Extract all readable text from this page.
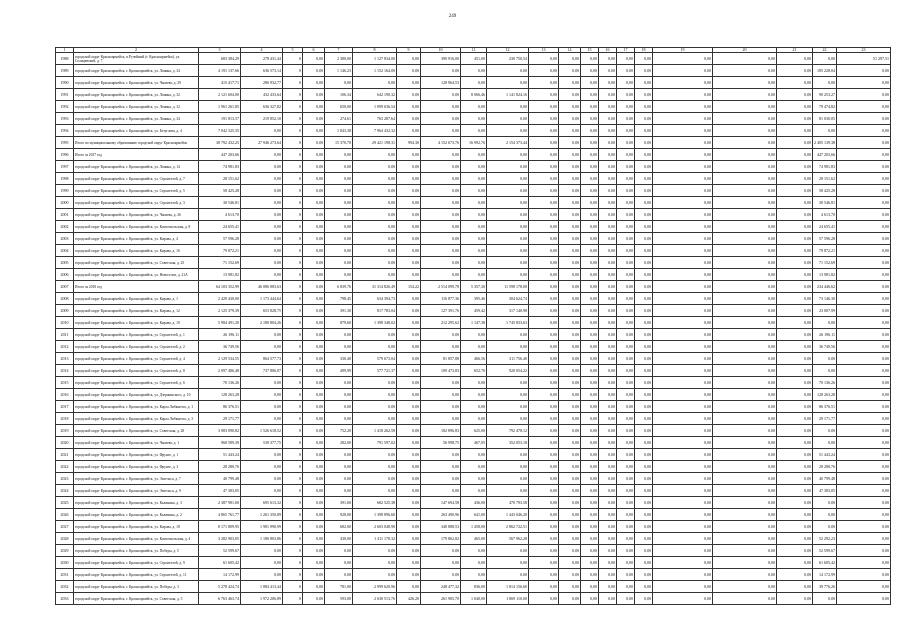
249
1	2	3	4	5	6	7	8	9	10	11	12	13	14	15	16	17	18	19	20	21	22	23	
1988	городской округ Красноармейск, п.Ручейный (г. Красноармейск), ул. Солнцевский, д. 7	683 384,29	278 431,44	0	0,00	2 380,00	1 127 834,00	0,00	390 916,00	451,00	230 750,54	0,00	0,00	0,00	0,00	0,00	0,00	0,00	0,00	0,00	0,00	51 297,51	
1989	городской округ Красноармейск, г. Красноармейск, ул. Ленина, д. 34	4 191 137,66	636 573,14	0	0,00	1 146,23	1 152 164,00	0,00	0,00	0,00	0,00	0,00	0,00	0,00	0,00	0,00	0,00	0,00	0,00	0,00	185 228,04	0,00	
1990	городской округ Красноармейск, г. Красноармейск, ул. Чапаева, д. 29	415 417,71	286 932,77	0	0,00	0,00	0,00	0,00	128 964,53	0,00	0,00	0,00	0,00	0,00	0,00	0,00	0,00	0,00	0,00	0,00	0,00	0,00	
1991	городской округ Красноармейск, г. Красноармейск, ул. Ленина, д. 32	2 121 604,00	432 433,64	0	0,00	106,34	642 190,32	0,00	0,00	8 066,46	1 141 824,16	0,00	0,00	0,00	0,00	0,00	0,00	0,00	0,00	0,00	90 253,27	0,00	
1992	городской округ Красноармейск, г. Красноармейск, ул. Ленина, д. 32	1 961 261,85	636 327,82	0	0,00	650,00	1 099 636,54	0,00	0,00	0,00	0,00	0,00	0,00	0,00	0,00	0,00	0,00	0,00	0,00	0,00	79 474,82	0,00	
1993	городской округ Красноармейск, г. Красноармейск, ул. Ленина, д. 34	191 813,57	219 852,10	0	0,00	274,61	763 287,64	0,00	0,00	0,00	0,00	0,00	0,00	0,00	0,00	0,00	0,00	0,00	0,00	0,00	81 030,05	0,00	
1994	городской округ Красноармейск, г. Красноармейск, ул. Безуглова, д. 4	7 042 325,35	0,00	0	0,00	1 843,38	7 964 432,32	0,00	0,00	0,00	0,00	0,00	0,00	0,00	0,00	0,00	0,00	0,00	0,00	0,00	0,00	0,00	
1995	Итого по муниципальному образованию городской округ Красноармейск	38 792 432,25	27 946 273,64	0	0,00	15 370,70	29 421 198,31	994,30	4 152 673,76	16 992,76	2 154 373,44	0,00	0,00	0,00	0,00	0,00	0,00	0,00	0,00	0,00	2 405 139,38	0,00	
1996	Итого за 2017 год	447 203,66	0,00	0	0,00	0,00	0,00	0,00	0,00	0,00	0,00	0,00	0,00	0,00	0,00	0,00	0,00	0,00	0,00	0,00	447 203,66	0,00	
1997	городской округ Красноармейск, г. Красноармейск, ул. Ленина, д. 14	74 981,83	0,00	0	0,00	0,00	0,00	0,00	0,00	0,00	0,00	0,00	0,00	0,00	0,00	0,00	0,00	0,00	0,00	0,00	74 981,83	0,00	
1998	городской округ Красноармейск, г. Красноармейск, ул. Строителей, д. 7	28 151,62	0,00	0	0,00	0,00	0,00	0,00	0,00	0,00	0,00	0,00	0,00	0,00	0,00	0,00	0,00	0,00	0,00	0,00	28 151,62	0,00	
1999	городской округ Красноармейск, г. Красноармейск, ул. Строителей, д. 5	58 425,28	0,00	0	0,00	0,00	0,00	0,00	0,00	0,00	0,00	0,00	0,00	0,00	0,00	0,00	0,00	0,00	0,00	0,00	58 425,28	0,00	
2000	городской округ Красноармейск, г. Красноармейск, ул. Строителей, д. 3	30 546,81	0,00	0	0,00	0,00	0,00	0,00	0,00	0,00	0,00	0,00	0,00	0,00	0,00	0,00	0,00	0,00	0,00	0,00	30 546,81	0,00	
2001	городской округ Красноармейск, г. Красноармейск, ул. Чапаева, д. 26	4 613,70	0,00	0	0,00	0,00	0,00	0,00	0,00	0,00	0,00	0,00	0,00	0,00	0,00	0,00	0,00	0,00	0,00	0,00	4 613,70	0,00	
2002	городской округ Красноармейск, г. Красноармейск, ул. Комсомольская, д. 8	24 655,41	0,00	0	0,00	0,00	0,00	0,00	0,00	0,00	0,00	0,00	0,00	0,00	0,00	0,00	0,00	0,00	0,00	0,00	24 655,41	0,00	
2003	городской округ Красноармейск, г. Красноармейск, ул. Кирова, д. 4	57 596,28	0,00	0	0,00	0,00	0,00	0,00	0,00	0,00	0,00	0,00	0,00	0,00	0,00	0,00	0,00	0,00	0,00	0,00	57 596,28	0,00	
2004	городской округ Красноармейск, г. Красноармейск, ул. Кирова, д. 16	79 872,21	0,00	0	0,00	0,00	0,00	0,00	0,00	0,00	0,00	0,00	0,00	0,00	0,00	0,00	0,00	0,00	0,00	0,00	79 872,21	0,00	
2005	городской округ Красноармейск, г. Красноармейск, ул. Советская, д. 25	71 152,69	0,00	0	0,00	0,00	0,00	0,00	0,00	0,00	0,00	0,00	0,00	0,00	0,00	0,00	0,00	0,00	0,00	0,00	71 152,69	0,00	
2006	городской округ Красноармейск, г. Красноармейск, ул. Новоселов, д. 21А	13 981,82	0,00	0	0,00	0,00	0,00	0,00	0,00	0,00	0,00	0,00	0,00	0,00	0,00	0,00	0,00	0,00	0,00	0,00	13 981,82	0,00	
2007	Итого за 2018 год	64 103 352,99	46 086 883,63	0	0,00	6 839,76	31 314 826,49	154,22	2 514 099,78	5 357,30	11 598 178,00	0,00	0,00	0,00	0,00	0,00	0,00	0,00	0,00	0,00	234 446,62	0,00	
2008	городской округ Красноармейск, г. Красноармейск, ул. Кирова, д. 1	2 429 430,00	1 173 444,64	0	0,00	798,45	634 394,73	0,00	116 877,36	395,46	304 624,74	0,00	0,00	0,00	0,00	0,00	0,00	0,00	0,00	0,00	73 146,30	0,00	
2009	городской округ Красноармейск, г. Красноармейск, ул. Кирова, д. 12	2 125 379,39	653 828,75	0	0,00	391,30	817 783,04	0,00	127 391,76	459,42	317 140,98	0,00	0,00	0,00	0,00	0,00	0,00	0,00	0,00	0,00	23 007,99	0,00	
2010	городской округ Красноармейск, г. Красноармейск, ул. Кирова, д. 10	5 984 491,20	2 180 804,26	0	0,00	879,60	1 398 348,02	0,00	212 295,62	1 147,38	1 745 833,63	0,00	0,00	0,00	0,00	0,00	0,00	0,00	0,00	0,00	0,00	0,00	
2011	городской округ Красноармейск, г. Красноармейск, ул. Строителей, д. 1	26 196,11	0,00	0	0,00	0,00	0,00	0,00	0,00	0,00	0,00	0,00	0,00	0,00	0,00	0,00	0,00	0,00	0,00	0,00	26 196,11	0,00	
2012	городской округ Красноармейск, г. Красноармейск, ул. Строителей, д. 2	36 749,56	0,00	0	0,00	0,00	0,00	0,00	0,00	0,00	0,00	0,00	0,00	0,00	0,00	0,00	0,00	0,00	0,00	0,00	36 749,56	0,00	
2013	городской округ Красноармейск, г. Красноармейск, ул. Строителей, д. 4	2 129 534,55	864 577,73	0	0,00	330,40	579 673,04	0,00	81 857,88	466,56	311 756,40	0,00	0,00	0,00	0,00	0,00	0,00	0,00	0,00	0,00	0,00	0,00	
2014	городской округ Красноармейск, г. Красноармейск, ул. Строителей, д. 8	2 097 486,48	737 806,07	0	0,00	499,99	577 721,37	0,00	109 473,83	652,70	920 054,22	0,00	0,00	0,00	0,00	0,00	0,00	0,00	0,00	0,00	0,00	0,00	
2015	городской округ Красноармейск, г. Красноармейск, ул. Строителей, д. 6	70 136,26	0,00	0	0,00	0,00	0,00	0,00	0,00	0,00	0,00	0,00	0,00	0,00	0,00	0,00	0,00	0,00	0,00	0,00	70 136,26	0,00	
2016	городской округ Красноармейск, г. Красноармейск, ул. Дзержинского, д. 10	128 263,28	0,00	0	0,00	0,00	0,00	0,00	0,00	0,00	0,00	0,00	0,00	0,00	0,00	0,00	0,00	0,00	0,00	0,00	128 263,28	0,00	
2017	городской округ Красноармейск, г. Красноармейск, ул. Карла Либкнехта, д. 1	86 376,51	0,00	0	0,00	0,00	0,00	0,00	0,00	0,00	0,00	0,00	0,00	0,00	0,00	0,00	0,00	0,00	0,00	0,00	86 376,51	0,00	
2018	городской округ Красноармейск, г. Красноармейск, ул. Карла Либкнехта, д. 3	29 171,77	0,00	0	0,00	0,00	0,00	0,00	0,00	0,00	0,00	0,00	0,00	0,00	0,00	0,00	0,00	0,00	0,00	0,00	29 171,77	0,00	
2019	городской округ Красноармейск, г. Красноармейск, ул. Советская, д. 28	3 983 090,82	1 526 618,52	0	0,00	752,20	1 418 262,58	0,00	182 896,83	625,00	792 478,12	0,00	0,00	0,00	0,00	0,00	0,00	0,00	0,00	0,00	0,00	0,00	
2020	городской округ Красноармейск, г. Красноармейск, ул. Чапаева, д. 1	968 589,39	539 377,75	0	0,00	282,00	791 597,02	0,00	56 998,75	467,05	352 053,18	0,00	0,00	0,00	0,00	0,00	0,00	0,00	0,00	0,00	0,00	0,00	
2021	городской округ Красноармейск, г. Красноармейск, ул. Фрунзе, д. 1	51 443,24	0,00	0	0,00	0,00	0,00	0,00	0,00	0,00	0,00	0,00	0,00	0,00	0,00	0,00	0,00	0,00	0,00	0,00	51 443,24	0,00	
2022	городской округ Красноармейск, г. Красноармейск, ул. Фрунзе, д. 3	28 280,76	0,00	0	0,00	0,00	0,00	0,00	0,00	0,00	0,00	0,00	0,00	0,00	0,00	0,00	0,00	0,00	0,00	0,00	28 280,76	0,00	
2023	городской округ Красноармейск, г. Красноармейск, ул. Энгельса, д. 7	40 799,48	0,00	0	0,00	0,00	0,00	0,00	0,00	0,00	0,00	0,00	0,00	0,00	0,00	0,00	0,00	0,00	0,00	0,00	40 799,48	0,00	
2024	городской округ Красноармейск, г. Красноармейск, ул. Энгельса, д. 9	47 383,05	0,00	0	0,00	0,00	0,00	0,00	0,00	0,00	0,00	0,00	0,00	0,00	0,00	0,00	0,00	0,00	0,00	0,00	47 383,05	0,00	
2025	городской округ Красноармейск, г. Красноармейск, ул. Калинина, д. 3	2 387 981,00	695 613,32	0	0,00	391,00	682 525,38	0,00	147 694,58	436,00	470 793,58	0,00	0,00	0,00	0,00	0,00	0,00	0,00	0,00	0,00	0,00	0,00	
2026	городской округ Красноармейск, г. Красноармейск, ул. Калинина, д. 2	4 865 761,77	1 261 350,89	0	0,00	928,00	1 398 896,60	0,00	263 490,96	641,00	1 443 046,20	0,00	0,00	0,00	0,00	0,00	0,00	0,00	0,00	0,00	0,00	0,00	
2027	городской округ Красноармейск, г. Красноармейск, ул. Кирова, д. 18	8 171 809,95	1 981 990,99	0	0,00	682,00	2 603 048,90	0,00	340 888,53	1 458,00	2 862 722,51	0,00	0,00	0,00	0,00	0,00	0,00	0,00	0,00	0,00	0,00	0,00	
2028	городской округ Красноармейск, г. Красноармейск, ул. Комсомольская, д. 4	3 282 903,05	1 186 803,86	0	0,00	430,00	1 411 178,32	0,00	179 862,82	465,00	567 962,28	0,00	0,00	0,00	0,00	0,00	0,00	0,00	0,00	0,00	52 292,23	0,00	
2029	городской округ Красноармейск, г. Красноармейск, ул. Победы, д. 5	52 599,67	0,00	0	0,00	0,00	0,00	0,00	0,00	0,00	0,00	0,00	0,00	0,00	0,00	0,00	0,00	0,00	0,00	0,00	52 599,67	0,00	
2030	городской округ Красноармейск, г. Красноармейск, ул. Строителей, д. 9	61 605,42	0,00	0	0,00	0,00	0,00	0,00	0,00	0,00	0,00	0,00	0,00	0,00	0,00	0,00	0,00	0,00	0,00	0,00	61 605,42	0,00	
2031	городской округ Красноармейск, г. Красноармейск, ул. Строителей, д. 11	14 172,99	0,00	0	0,00	0,00	0,00	0,00	0,00	0,00	0,00	0,00	0,00	0,00	0,00	0,00	0,00	0,00	0,00	0,00	14 172,99	0,00	
2032	городской округ Красноармейск, г. Красноармейск, ул. Победы, д. 3	5 278 424,74	1 884 413,44	0	0,00	781,00	2 999 620,96	0,00	248 477,32	836,00	1 814 156,60	0,00	0,00	0,00	0,00	0,00	0,00	0,00	0,00	0,00	39 776,26	0,00	
2033	городской округ Красноармейск, г. Красноармейск, ул. Советская, д. 5	6 763 463,74	1 972 206,89	0	0,00	593,00	2 630 513,76	426,20	261 905,70	1 040,00	1 869 110,00	0,00	0,00	0,00	0,00	0,00	0,00	0,00	0,00	0,00	0,00	0,00	
